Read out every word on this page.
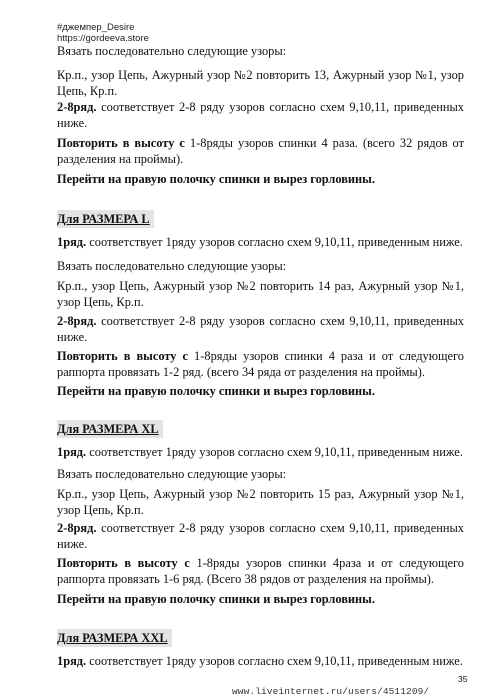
#джемпер_Desire
https://gordeeva.store
Вязать последовательно следующие узоры:
Кр.п., узор Цепь, Ажурный узор №2 повторить 13, Ажурный узор №1, узор Цепь, Кр.п.
2-8ряд. соответствует 2-8 ряду узоров согласно схем 9,10,11, приведенных ниже.
Повторить в высоту с 1-8ряды узоров спинки 4 раза. (всего 32 рядов от разделения на проймы).
Перейти на правую полочку спинки и вырез горловины.
Для РАЗМЕРА L
1ряд. соответствует 1ряду узоров согласно схем 9,10,11, приведенным ниже.
Вязать последовательно следующие узоры:
Кр.п., узор Цепь, Ажурный узор №2 повторить 14 раз, Ажурный узор №1, узор Цепь, Кр.п.
2-8ряд. соответствует 2-8 ряду узоров согласно схем 9,10,11, приведенных ниже.
Повторить в высоту с 1-8ряды узоров спинки 4 раза и от следующего раппорта провязать 1-2 ряд. (всего 34 ряда от разделения на проймы).
Перейти на правую полочку спинки и вырез горловины.
Для РАЗМЕРА XL
1ряд. соответствует 1ряду узоров согласно схем 9,10,11, приведенным ниже.
Вязать последовательно следующие узоры:
Кр.п., узор Цепь, Ажурный узор №2 повторить 15 раз, Ажурный узор №1, узор Цепь, Кр.п.
2-8ряд. соответствует 2-8 ряду узоров согласно схем 9,10,11, приведенных ниже.
Повторить в высоту с 1-8ряды узоров спинки 4раза и от следующего раппорта провязать 1-6 ряд. (Всего 38 рядов от разделения на проймы).
Перейти на правую полочку спинки и вырез горловины.
Для РАЗМЕРА XXL
1ряд. соответствует 1ряду узоров согласно схем 9,10,11, приведенным ниже.
35
www.liveinternet.ru/users/4511209/
